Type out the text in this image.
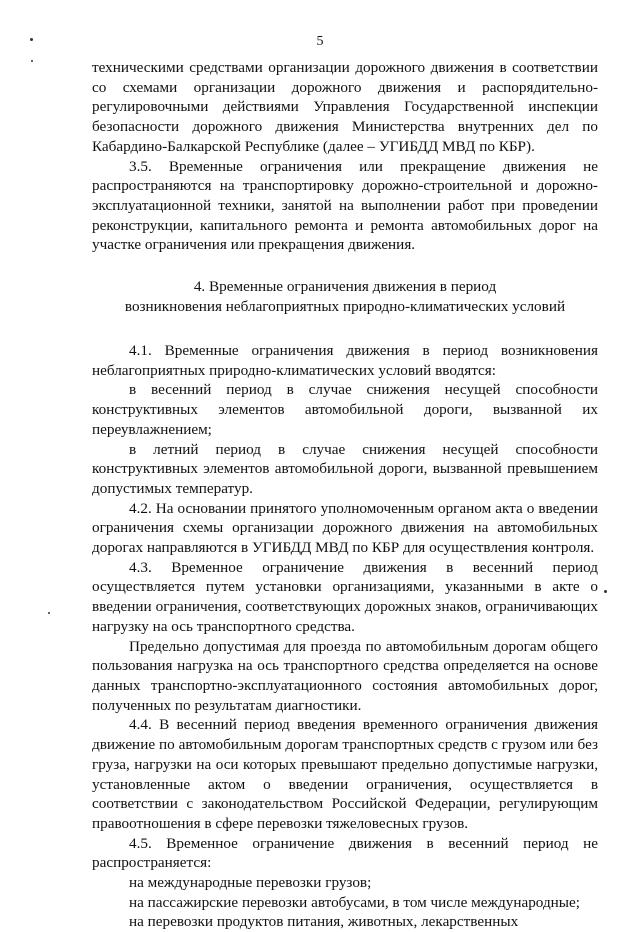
5

техническими средствами организации дорожного движения в соответствии со схемами организации дорожного движения и распорядительно-регулировочными действиями Управления Государственной инспекции безопасности дорожного движения Министерства внутренних дел по Кабардино-Балкарской Республике (далее – УГИБДД МВД по КБР).

3.5. Временные ограничения или прекращение движения не распространяются на транспортировку дорожно-строительной и дорожно-эксплуатационной техники, занятой на выполнении работ при проведении реконструкции, капитального ремонта и ремонта автомобильных дорог на участке ограничения или прекращения движения.

4. Временные ограничения движения в период
возникновения неблагоприятных природно-климатических условий

4.1. Временные ограничения движения в период возникновения неблагоприятных природно-климатических условий вводятся:

в весенний период в случае снижения несущей способности конструктивных элементов автомобильной дороги, вызванной их переувлажнением;

в летний период в случае снижения несущей способности конструктивных элементов автомобильной дороги, вызванной превышением допустимых температур.

4.2. На основании принятого уполномоченным органом акта о введении ограничения схемы организации дорожного движения на автомобильных дорогах направляются в УГИБДД МВД по КБР для осуществления контроля.

4.3. Временное ограничение движения в весенний период осуществляется путем установки организациями, указанными в акте о введении ограничения, соответствующих дорожных знаков, ограничивающих нагрузку на ось транспортного средства.

Предельно допустимая для проезда по автомобильным дорогам общего пользования нагрузка на ось транспортного средства определяется на основе данных транспортно-эксплуатационного состояния автомобильных дорог, полученных по результатам диагностики.

4.4. В весенний период введения временного ограничения движения движение по автомобильным дорогам транспортных средств с грузом или без груза, нагрузки на оси которых превышают предельно допустимые нагрузки, установленные актом о введении ограничения, осуществляется в соответствии с законодательством Российской Федерации, регулирующим правоотношения в сфере перевозки тяжеловесных грузов.

4.5. Временное ограничение движения в весенний период не распространяется:

на международные перевозки грузов;

на пассажирские перевозки автобусами, в том числе международные;

на перевозки продуктов питания, животных, лекарственных
